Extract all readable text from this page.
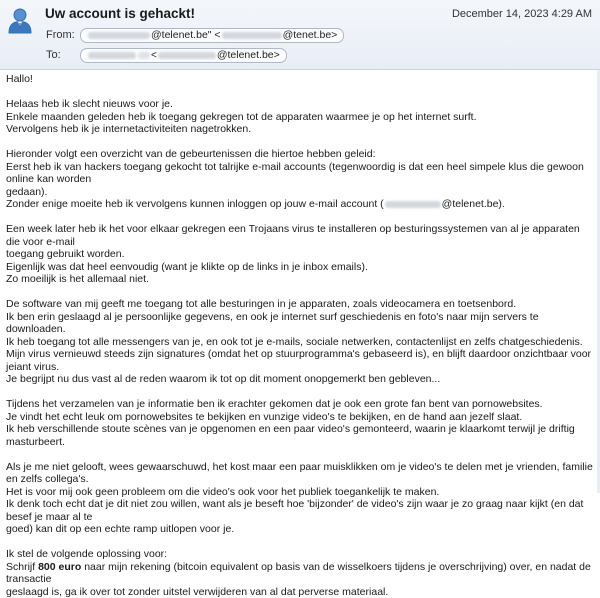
Uw account is gehackt!	December 14, 2023 4:29 AM
From:	@telenet.be" <	@tenet.be>
To:	<	@telenet.be>

Hallo!

Helaas heb ik slecht nieuws voor je.
Enkele maanden geleden heb ik toegang gekregen tot de apparaten waarmee je op het internet surft.
Vervolgens heb ik je internetactiviteiten nagetrokken.

Hieronder volgt een overzicht van de gebeurtenissen die hiertoe hebben geleid:
Eerst heb ik van hackers toegang gekocht tot talrijke e-mail accounts (tegenwoordig is dat een heel simpele klus die gewoon online kan worden
gedaan).
Zonder enige moeite heb ik vervolgens kunnen inloggen op jouw e-mail account (	@telenet.be).

Een week later heb ik het voor elkaar gekregen een Trojaans virus te installeren op besturingssystemen van al je apparaten die voor e-mail
toegang gebruikt worden.
Eigenlijk was dat heel eenvoudig (want je klikte op de links in je inbox emails).
Zo moeilijk is het allemaal niet.

De software van mij geeft me toegang tot alle besturingen in je apparaten, zoals videocamera en toetsenbord.
Ik ben erin geslaagd al je persoonlijke gegevens, en ook je internet surf geschiedenis en foto's naar mijn servers te downloaden.
Ik heb toegang tot alle messengers van je, en ook tot je e-mails, sociale netwerken, contactenlijst en zelfs chatgeschiedenis.
Mijn virus vernieuwd steeds zijn signatures (omdat het op stuurprogramma's gebaseerd is), en blijft daardoor onzichtbaar voor jeiant virus.
Je begrijpt nu dus vast al de reden waarom ik tot op dit moment onopgemerkt ben gebleven...

Tijdens het verzamelen van je informatie ben ik erachter gekomen dat je ook een grote fan bent van pornowebsites.
Je vindt het echt leuk om pornowebsites te bekijken en vunzige video's te bekijken, en de hand aan jezelf slaat.
Ik heb verschillende stoute scènes van je opgenomen en een paar video's gemonteerd, waarin je klaarkomt terwijl je driftig masturbeert.

Als je me niet gelooft, wees gewaarschuwd, het kost maar een paar muisklikken om je video's te delen met je vrienden, familie en zelfs collega's.
Het is voor mij ook geen probleem om die video's ook voor het publiek toegankelijk te maken.
Ik denk toch echt dat je dit niet zou willen, want als je beseft hoe 'bijzonder' de video's zijn waar je zo graag naar kijkt (en dat besef je maar al te
goed) kan dit op een echte ramp uitlopen voor je.

Ik stel de volgende oplossing voor:
Schrijf 800 euro naar mijn rekening (bitcoin equivalent op basis van de wisselkoers tijdens je overschrijving) over, en nadat de transactie
geslaagd is, ga ik over tot zonder uitstel verwijderen van al dat perverse materiaal.
